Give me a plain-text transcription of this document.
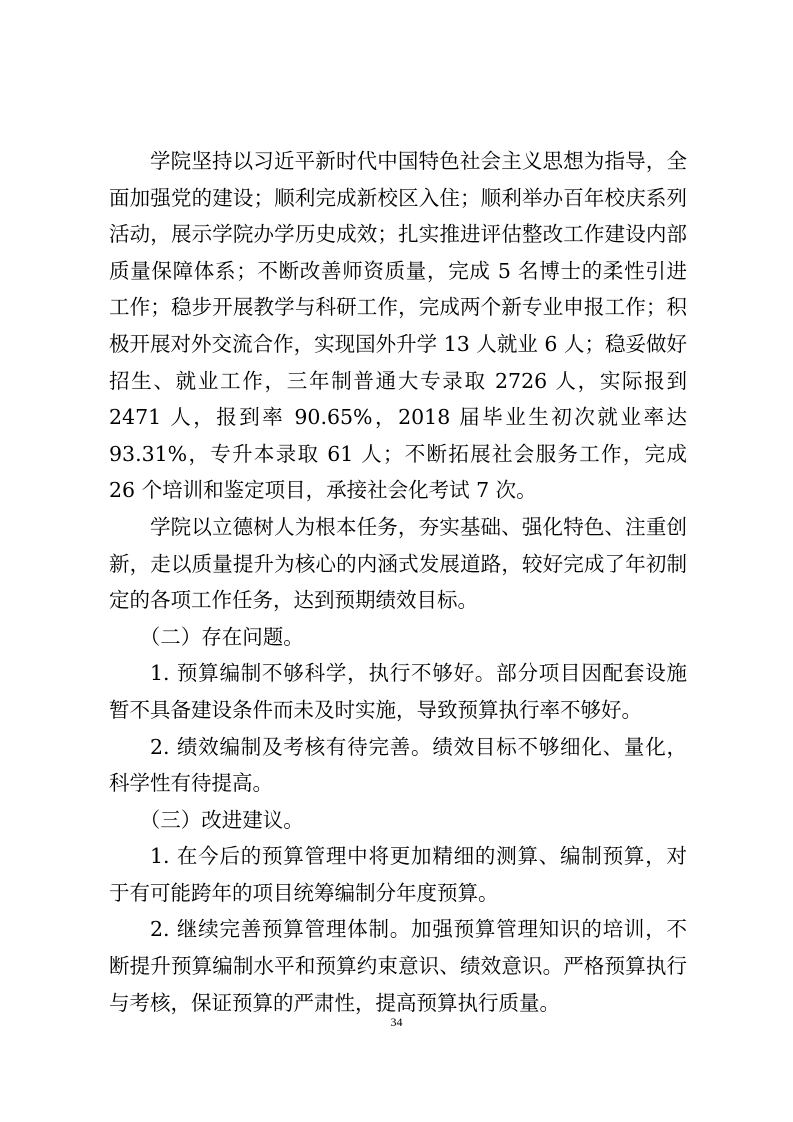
学院坚持以习近平新时代中国特色社会主义思想为指导，全面加强党的建设；顺利完成新校区入住；顺利举办百年校庆系列活动，展示学院办学历史成效；扎实推进评估整改工作建设内部质量保障体系；不断改善师资质量，完成 5 名博士的柔性引进工作；稳步开展教学与科研工作，完成两个新专业申报工作；积极开展对外交流合作，实现国外升学 13 人就业 6 人；稳妥做好招生、就业工作，三年制普通大专录取 2726 人，实际报到 2471 人，报到率 90.65%，2018 届毕业生初次就业率达 93.31%，专升本录取 61 人；不断拓展社会服务工作，完成 26 个培训和鉴定项目，承接社会化考试 7 次。

学院以立德树人为根本任务，夯实基础、强化特色、注重创新，走以质量提升为核心的内涵式发展道路，较好完成了年初制定的各项工作任务，达到预期绩效目标。

（二）存在问题。

1. 预算编制不够科学，执行不够好。部分项目因配套设施暂不具备建设条件而未及时实施，导致预算执行率不够好。

2. 绩效编制及考核有待完善。绩效目标不够细化、量化，科学性有待提高。

（三）改进建议。

1. 在今后的预算管理中将更加精细的测算、编制预算，对于有可能跨年的项目统筹编制分年度预算。

2. 继续完善预算管理体制。加强预算管理知识的培训，不断提升预算编制水平和预算约束意识、绩效意识。严格预算执行与考核，保证预算的严肃性，提高预算执行质量。

34
